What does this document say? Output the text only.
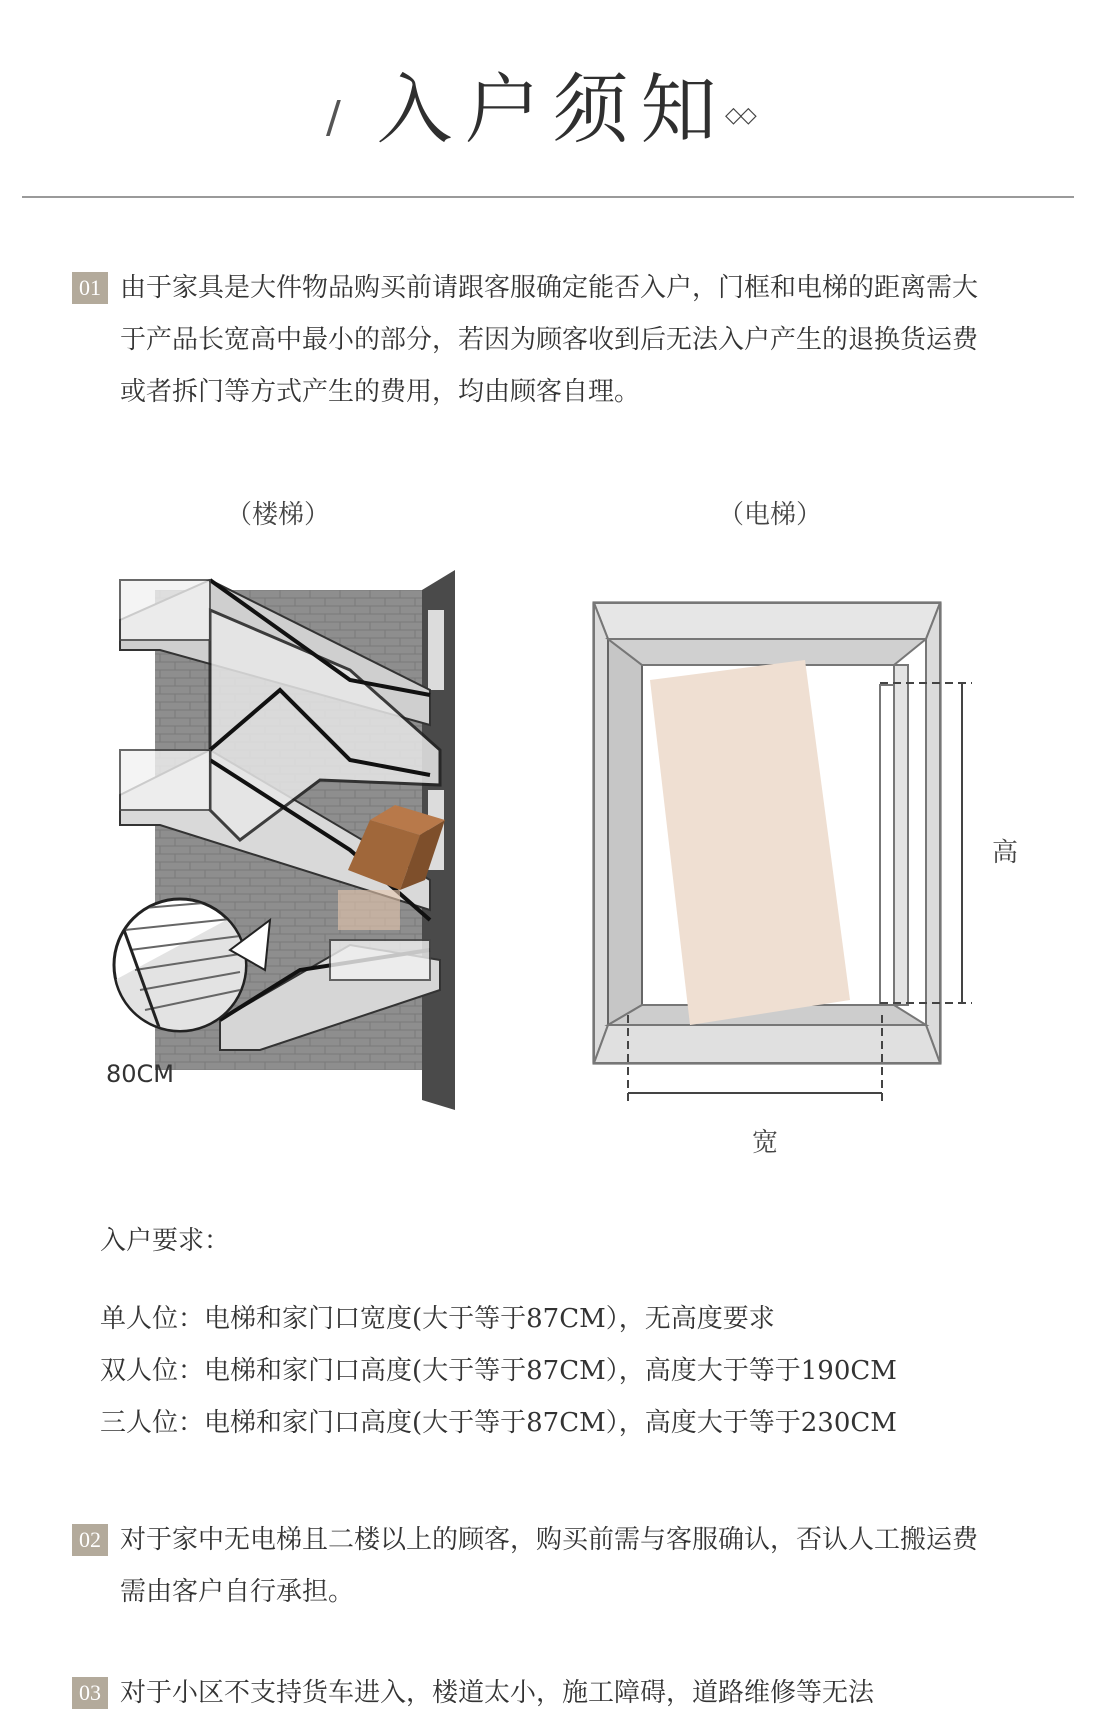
/ 入户须知
◇◇
01 由于家具是大件物品购买前请跟客服确定能否入户，门框和电梯的距离需大于产品长宽高中最小的部分，若因为顾客收到后无法入户产生的退换货运费或者拆门等方式产生的费用，均由顾客自理。
（楼梯）	（电梯）
80CM
高
宽
入户要求：
单人位：电梯和家门口宽度(大于等于87CM），无高度要求
双人位：电梯和家门口高度(大于等于87CM），高度大于等于190CM
三人位：电梯和家门口高度(大于等于87CM），高度大于等于230CM
02 对于家中无电梯且二楼以上的顾客，购买前需与客服确认，否认人工搬运费需由客户自行承担。
03 对于小区不支持货车进入，楼道太小，施工障碍，道路维修等无法
